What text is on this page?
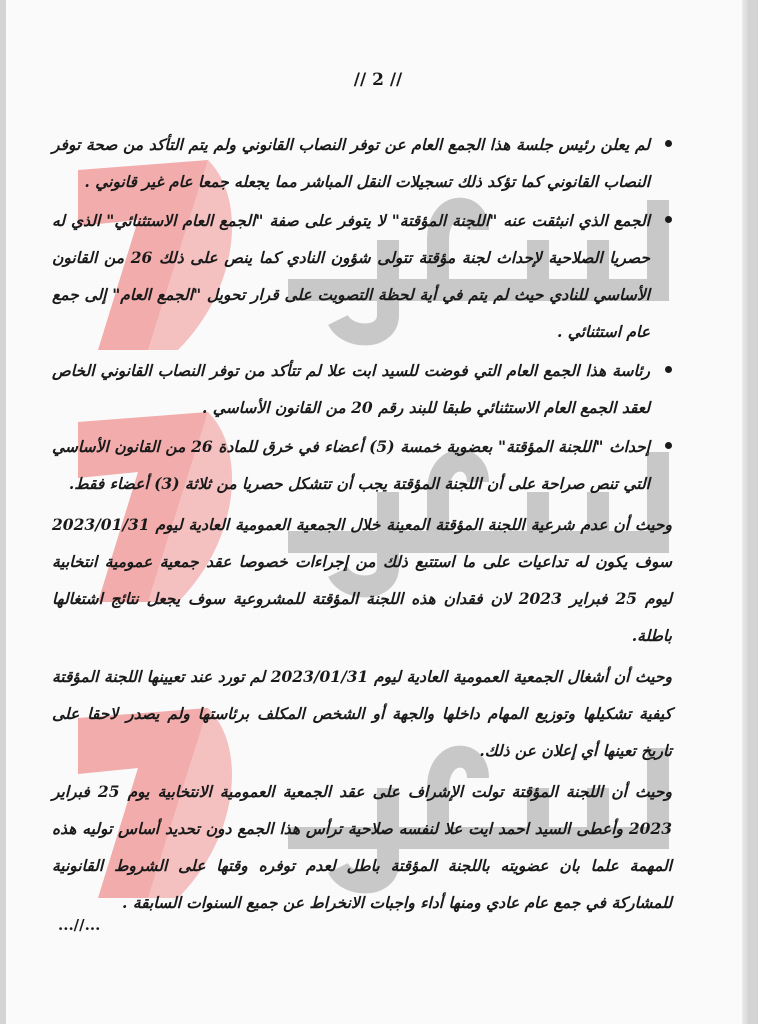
// 2 //
لم يعلن رئيس جلسة هذا الجمع العام عن توفر النصاب القانوني ولم يتم التأكد من صحة توفر النصاب القانوني كما تؤكد ذلك تسجيلات النقل المباشر مما يجعله جمعا عام غير قانوني .
الجمع الذي انبثقت عنه "اللجنة المؤقتة" لا يتوفر على صفة "الجمع العام الاستثنائي" الذي له حصريا الصلاحية لإحداث لجنة مؤقتة تتولى شؤون النادي كما ينص على ذلك 26 من القانون الأساسي للنادي حيث لم يتم في أية لحظة التصويت على قرار تحويل "الجمع العام" إلى جمع عام استثنائي .
رئاسة هذا الجمع العام التي فوضت للسيد ابت علا لم تتأكد من توفر النصاب القانوني الخاص لعقد الجمع العام الاستثنائي طبقا للبند رقم 20 من القانون الأساسي .
إحداث "اللجنة المؤقتة" بعضوية خمسة (5) أعضاء في خرق للمادة 26 من القانون الأساسي التي تنص صراحة على أن اللجنة المؤقتة يجب أن تتشكل حصريا من ثلاثة (3) أعضاء فقط.

وحيث أن عدم شرعية اللجنة المؤقتة المعينة خلال الجمعية العمومية العادية ليوم 2023/01/31 سوف يكون له تداعيات على ما استتبع ذلك من إجراءات خصوصا عقد جمعية عمومية انتخابية ليوم 25 فبراير 2023 لان فقدان هذه اللجنة المؤقتة للمشروعية سوف يجعل نتائج اشتغالها باطلة.

وحيث أن أشغال الجمعية العمومية العادية ليوم 2023/01/31 لم تورد عند تعيينها اللجنة المؤقتة كيفية تشكيلها وتوزيع المهام داخلها والجهة أو الشخص المكلف برئاستها ولم يصدر لاحقا على تاريخ تعينها أي إعلان عن ذلك.

وحيث أن اللجنة المؤقتة تولت الإشراف على عقد الجمعية العمومية الانتخابية يوم 25 فبراير 2023 وأعطى السيد احمد ايت علا لنفسه صلاحية ترأس هذا الجمع دون تحديد أساس توليه هذه المهمة علما بان عضويته باللجنة المؤقتة باطل لعدم توفره وقتها على الشروط القانونية للمشاركة في جمع عام عادي ومنها أداء واجبات الانخراط عن جميع السنوات السابقة .

...//...
